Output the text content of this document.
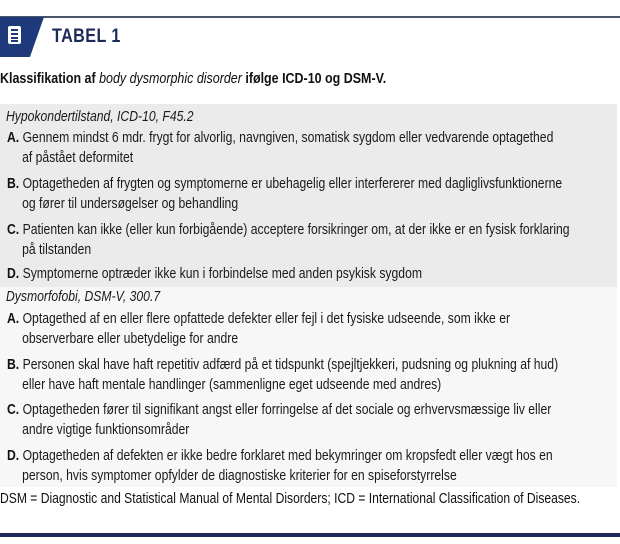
TABEL 1
Klassifikation af body dysmorphic disorder ifølge ICD-10 og DSM-V.
Hypokondertilstand, ICD-10, F45.2
A. Gennem mindst 6 mdr. frygt for alvorlig, navngiven, somatisk sygdom eller vedvarende optagethed
af påstået deformitet
B. Optagetheden af frygten og symptomerne er ubehagelig eller interfererer med dagliglivsfunktionerne
og fører til undersøgelser og behandling
C. Patienten kan ikke (eller kun forbigående) acceptere forsikringer om, at der ikke er en fysisk forklaring
på tilstanden
D. Symptomerne optræder ikke kun i forbindelse med anden psykisk sygdom
Dysmorfofobi, DSM-V, 300.7
A. Optagethed af en eller flere opfattede defekter eller fejl i det fysiske udseende, som ikke er
observerbare eller ubetydelige for andre
B. Personen skal have haft repetitiv adfærd på et tidspunkt (spejltjekkeri, pudsning og plukning af hud)
eller have haft mentale handlinger (sammenligne eget udseende med andres)
C. Optagetheden fører til signifikant angst eller forringelse af det sociale og erhvervsmæssige liv eller
andre vigtige funktionsområder
D. Optagetheden af defekten er ikke bedre forklaret med bekymringer om kropsfedt eller vægt hos en
person, hvis symptomer opfylder de diagnostiske kriterier for en spiseforstyrrelse
DSM = Diagnostic and Statistical Manual of Mental Disorders; ICD = International Classification of Diseases.
